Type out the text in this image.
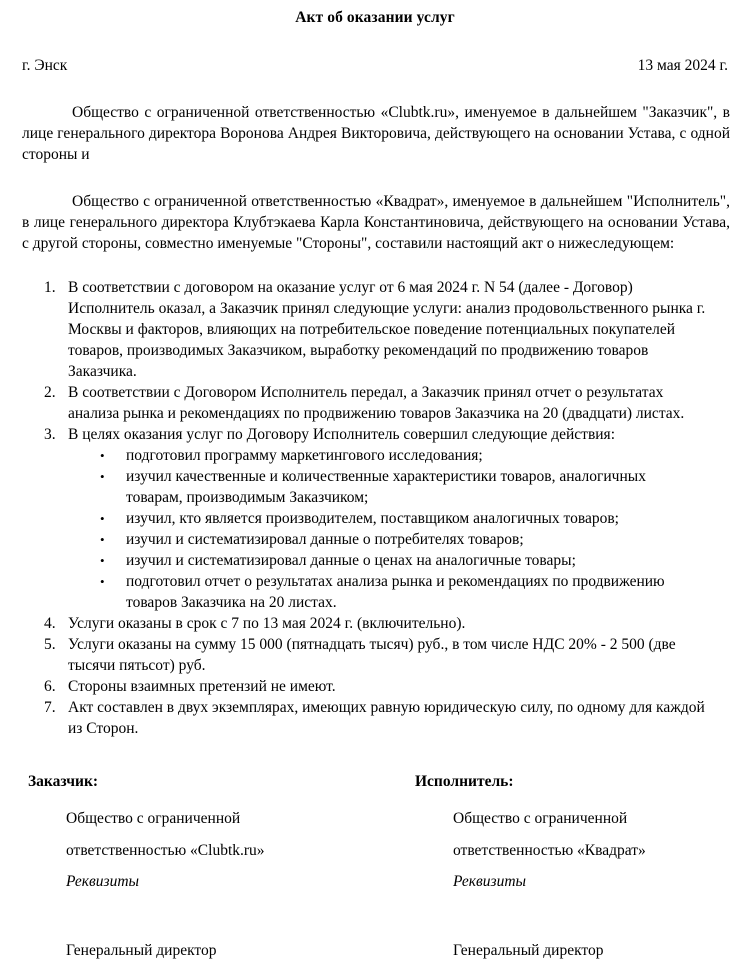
Акт об оказании услуг
г. Энск	13 мая 2024 г.

Общество с ограниченной ответственностью «Clubtk.ru», именуемое в дальнейшем "Заказчик", в лице генерального директора Воронова Андрея Викторовича, действующего на основании Устава, с одной стороны и

Общество с ограниченной ответственностью «Квадрат», именуемое в дальнейшем "Исполнитель", в лице генерального директора Клубтэкаева Карла Константиновича, действующего на основании Устава, с другой стороны, совместно именуемые "Стороны", составили настоящий акт о нижеследующем:

1. В соответствии с договором на оказание услуг от 6 мая 2024 г. N 54 (далее - Договор) Исполнитель оказал, а Заказчик принял следующие услуги: анализ продовольственного рынка г. Москвы и факторов, влияющих на потребительское поведение потенциальных покупателей товаров, производимых Заказчиком, выработку рекомендаций по продвижению товаров Заказчика.
2. В соответствии с Договором Исполнитель передал, а Заказчик принял отчет о результатах анализа рынка и рекомендациях по продвижению товаров Заказчика на 20 (двадцати) листах.
3. В целях оказания услуг по Договору Исполнитель совершил следующие действия:
• подготовил программу маркетингового исследования;
• изучил качественные и количественные характеристики товаров, аналогичных товарам, производимым Заказчиком;
• изучил, кто является производителем, поставщиком аналогичных товаров;
• изучил и систематизировал данные о потребителях товаров;
• изучил и систематизировал данные о ценах на аналогичные товары;
• подготовил отчет о результатах анализа рынка и рекомендациях по продвижению товаров Заказчика на 20 листах.
4. Услуги оказаны в срок с 7 по 13 мая 2024 г. (включительно).
5. Услуги оказаны на сумму 15 000 (пятнадцать тысяч) руб., в том числе НДС 20% - 2 500 (две тысячи пятьсот) руб.
6. Стороны взаимных претензий не имеют.
7. Акт составлен в двух экземплярах, имеющих равную юридическую силу, по одному для каждой из Сторон.

Заказчик:

Общество с ограниченной

ответственностью «Clubtk.ru»

Реквизиты

Генеральный директор

Исполнитель:

Общество с ограниченной

ответственностью «Квадрат»

Реквизиты

Генеральный директор
